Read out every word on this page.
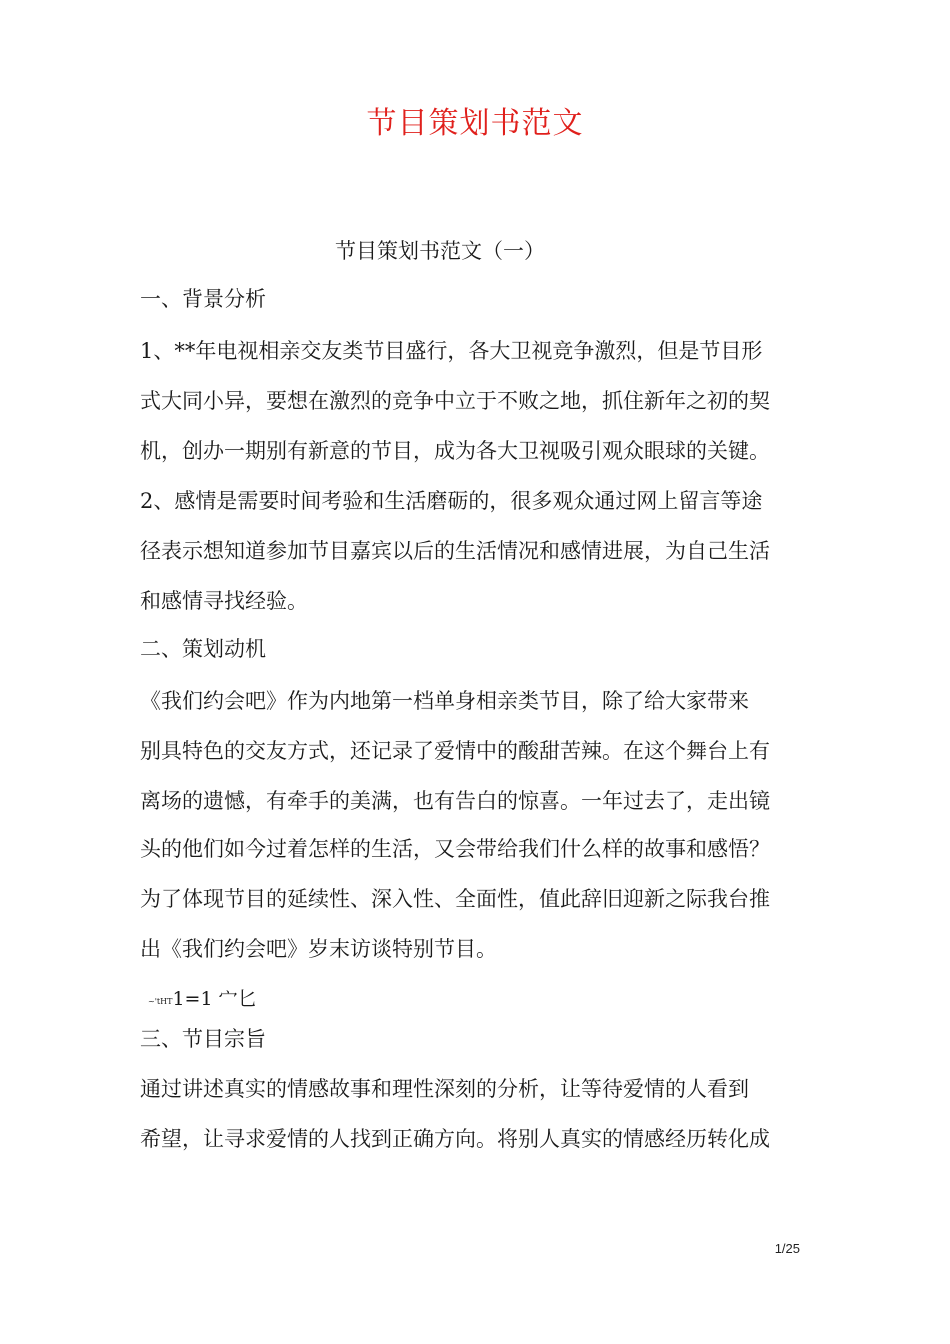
节目策划书范文
节目策划书范文（一）
一、背景分析
1、**年电视相亲交友类节目盛行，各大卫视竞争激烈，但是节目形
式大同小异，要想在激烈的竞争中立于不败之地，抓住新年之初的契
机，创办一期别有新意的节目，成为各大卫视吸引观众眼球的关键。
2、感情是需要时间考验和生活磨砺的，很多观众通过网上留言等途
径表示想知道参加节目嘉宾以后的生活情况和感情进展，为自己生活
和感情寻找经验。
二、策划动机
《我们约会吧》作为内地第一档单身相亲类节目，除了给大家带来
别具特色的交友方式，还记录了爱情中的酸甜苦辣。在这个舞台上有
离场的遗憾，有牵手的美满，也有告白的惊喜。一年过去了，走出镜
头的他们如今过着怎样的生活，又会带给我们什么样的故事和感悟？
为了体现节目的延续性、深入性、全面性，值此辞旧迎新之际我台推
出《我们约会吧》岁末访谈特别节目。
~'tHT1=1 宀匕
三、节目宗旨
通过讲述真实的情感故事和理性深刻的分析，让等待爱情的人看到
希望，让寻求爱情的人找到正确方向。将别人真实的情感经历转化成
1/25
